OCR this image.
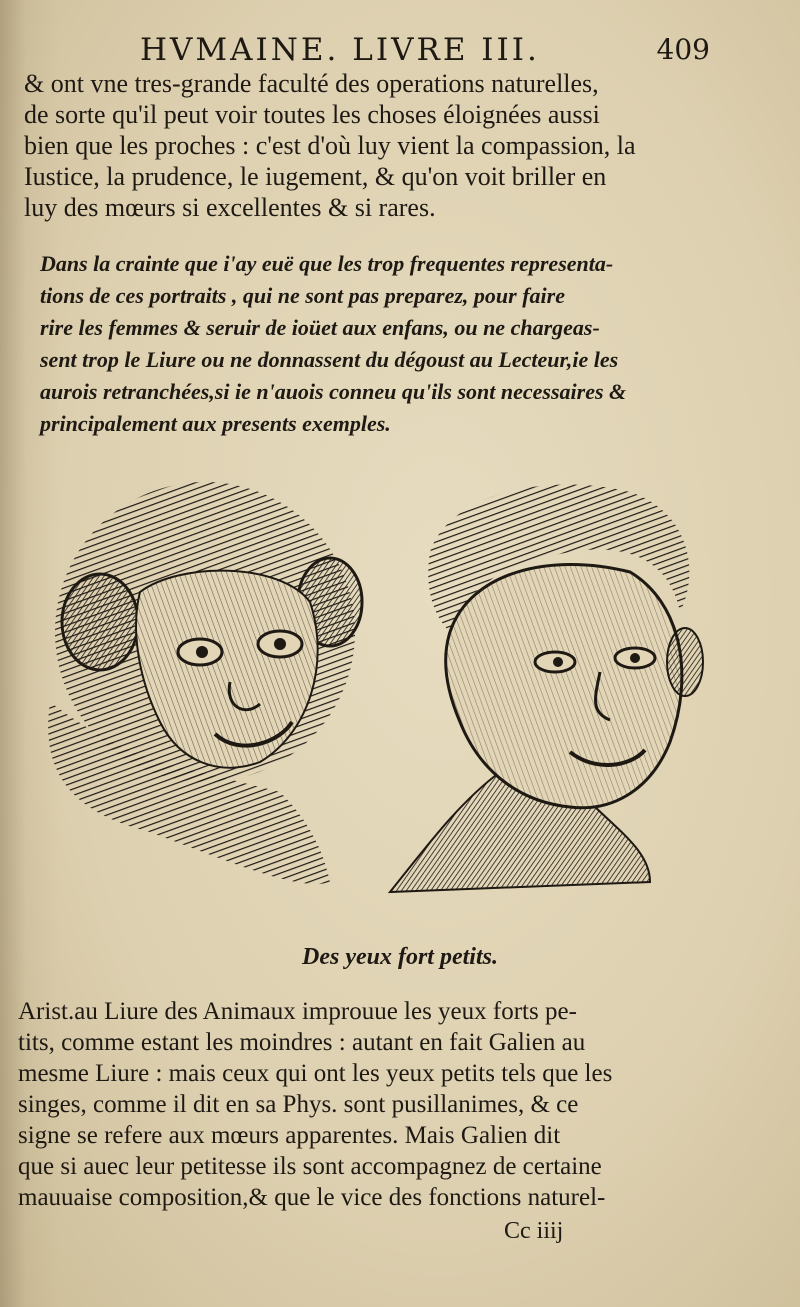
HVMAINE. LIVRE III.	409
& ont vne tres-grande faculté des operations naturelles,
de sorte qu'il peut voir toutes les choses éloignées aussi
bien que les proches : c'est d'où luy vient la compassion, la
Iustice, la prudence, le iugement, & qu'on voit briller en
luy des mœurs si excellentes & si rares.
Dans la crainte que i'ay euë que les trop frequentes representa-
tions de ces portraits , qui ne sont pas preparez, pour faire
rire les femmes & seruir de ioüet aux enfans, ou ne chargeas-
sent trop le Liure ou ne donnassent du dégoust au Lecteur,ie les
aurois retranchées,si ie n'auois conneu qu'ils sont necessaires &
principalement aux presents exemples.
Des yeux fort petits.
Arist.au Liure des Animaux improuue les yeux forts pe-
tits, comme estant les moindres : autant en fait Galien au
mesme Liure : mais ceux qui ont les yeux petits tels que les
singes, comme il dit en sa Phys. sont pusillanimes, & ce
signe se refere aux mœurs apparentes. Mais Galien dit
que si auec leur petitesse ils sont accompagnez de certaine
mauuaise composition,& que le vice des fonctions naturel-
Cc iiij
